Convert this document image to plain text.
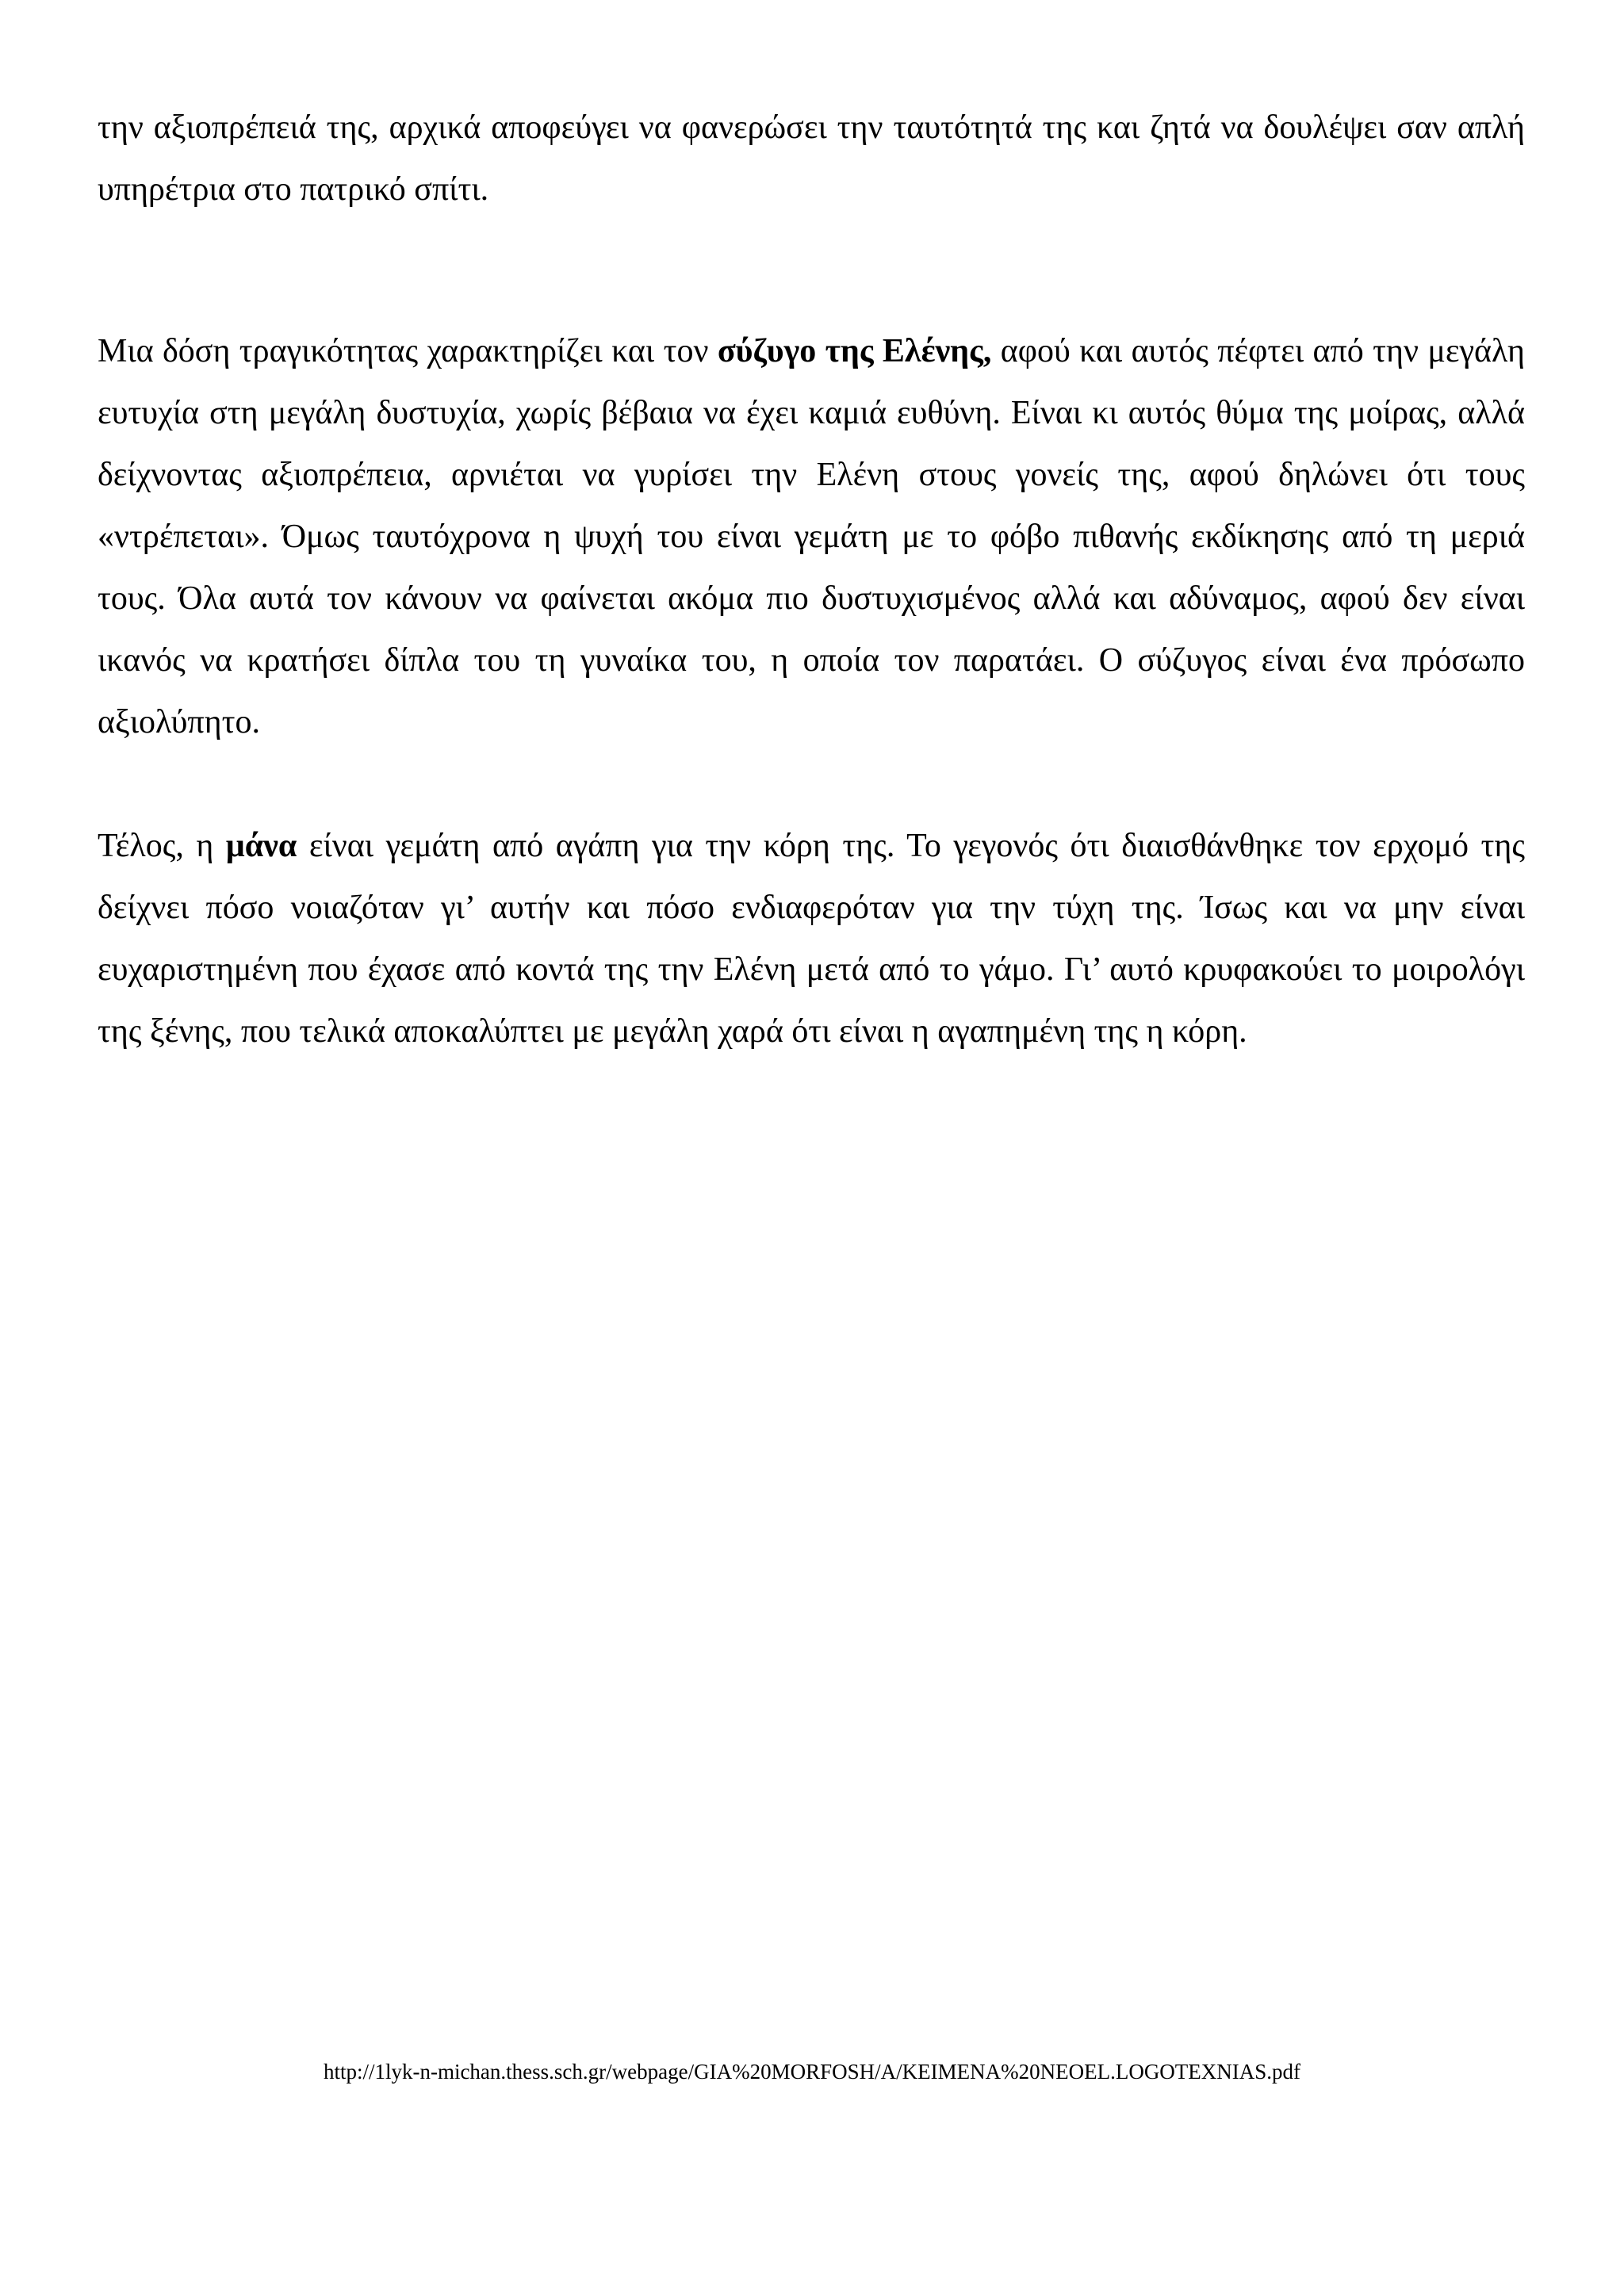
την αξιοπρέπειά της, αρχικά αποφεύγει να φανερώσει την ταυτότητά της και ζητά να δουλέψει σαν απλή υπηρέτρια στο πατρικό σπίτι.

Μια δόση τραγικότητας χαρακτηρίζει και τον σύζυγο της Ελένης, αφού και αυτός πέφτει από την μεγάλη ευτυχία στη μεγάλη δυστυχία, χωρίς βέβαια να έχει καμιά ευθύνη. Είναι κι αυτός θύμα της μοίρας, αλλά δείχνοντας αξιοπρέπεια, αρνιέται να γυρίσει την Ελένη στους γονείς της, αφού δηλώνει ότι τους «ντρέπεται». Όμως ταυτόχρονα η ψυχή του είναι γεμάτη με το φόβο πιθανής εκδίκησης από τη μεριά τους. Όλα αυτά τον κάνουν να φαίνεται ακόμα πιο δυστυχισμένος αλλά και αδύναμος, αφού δεν είναι ικανός να κρατήσει δίπλα του τη γυναίκα του, η οποία τον παρατάει. Ο σύζυγος είναι ένα πρόσωπο αξιολύπητο.

Τέλος, η μάνα είναι γεμάτη από αγάπη για την κόρη της. Το γεγονός ότι διαισθάνθηκε τον ερχομό της δείχνει πόσο νοιαζόταν γι’ αυτήν και πόσο ενδιαφερόταν για την τύχη της. Ίσως και να μην είναι ευχαριστημένη που έχασε από κοντά της την Ελένη μετά από το γάμο. Γι’ αυτό κρυφακούει το μοιρολόγι της ξένης, που τελικά αποκαλύπτει με μεγάλη χαρά ότι είναι η αγαπημένη της η κόρη.

http://1lyk-n-michan.thess.sch.gr/webpage/GIA%20MORFOSH/A/KEIMENA%20NEOEL.LOGOTEXNIAS.pdf
